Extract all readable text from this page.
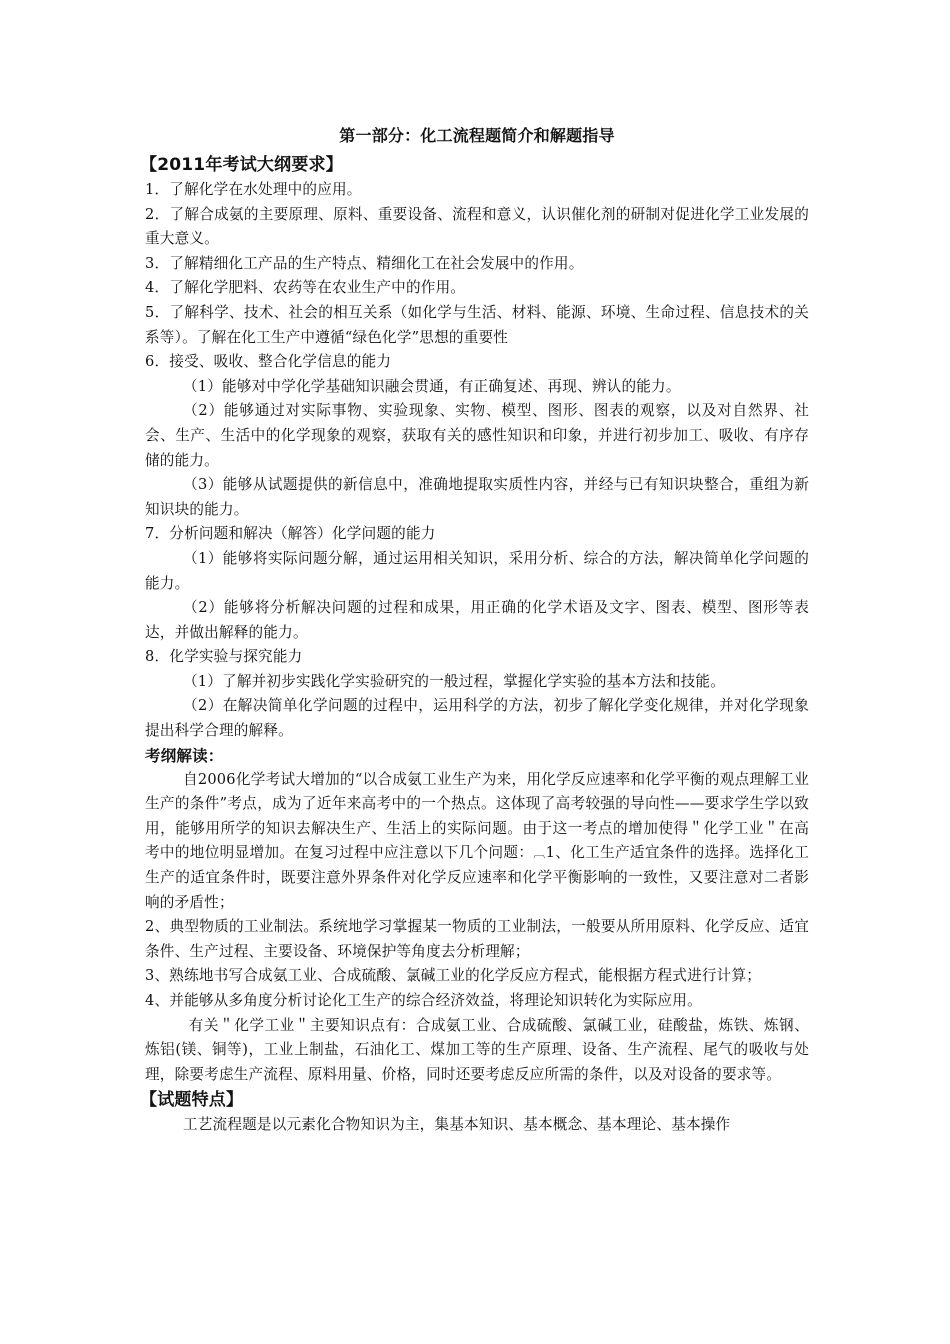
第一部分：化工流程题简介和解题指导
【2011年考试大纲要求】

1．了解化学在水处理中的应用。

2．了解合成氨的主要原理、原料、重要设备、流程和意义，认识催化剂的研制对促进化学工业发展的重大意义。

3．了解精细化工产品的生产特点、精细化工在社会发展中的作用。

4．了解化学肥料、农药等在农业生产中的作用。

5．了解科学、技术、社会的相互关系（如化学与生活、材料、能源、环境、生命过程、信息技术的关系等）。了解在化工生产中遵循“绿色化学”思想的重要性

6．接受、吸收、整合化学信息的能力

（1）能够对中学化学基础知识融会贯通，有正确复述、再现、辨认的能力。

（2）能够通过对实际事物、实验现象、实物、模型、图形、图表的观察，以及对自然界、社会、生产、生活中的化学现象的观察，获取有关的感性知识和印象，并进行初步加工、吸收、有序存储的能力。

（3）能够从试题提供的新信息中，准确地提取实质性内容，并经与已有知识块整合，重组为新知识块的能力。

7．分析问题和解决（解答）化学问题的能力

（1）能够将实际问题分解，通过运用相关知识，采用分析、综合的方法，解决简单化学问题的能力。

（2）能够将分析解决问题的过程和成果，用正确的化学术语及文字、图表、模型、图形等表达，并做出解释的能力。

8．化学实验与探究能力

（1）了解并初步实践化学实验研究的一般过程，掌握化学实验的基本方法和技能。

（2）在解决简单化学问题的过程中，运用科学的方法，初步了解化学变化规律，并对化学现象提出科学合理的解释。

考纲解读：

自2006化学考试大增加的“以合成氨工业生产为来，用化学反应速率和化学平衡的观点理解工业生产的条件”考点，成为了近年来高考中的一个热点。这体现了高考较强的导向性——要求学生学以致用，能够用所学的知识去解决生产、生活上的实际问题。由于这一考点的增加使得＂化学工业＂在高考中的地位明显增加。在复习过程中应注意以下几个问题：︹1、化工生产适宜条件的选择。选择化工生产的适宜条件时，既要注意外界条件对化学反应速率和化学平衡影响的一致性，又要注意对二者影响的矛盾性；

2、典型物质的工业制法。系统地学习掌握某一物质的工业制法，一般要从所用原料、化学反应、适宜条件、生产过程、主要设备、环境保护等角度去分析理解；

3、熟练地书写合成氨工业、合成硫酸、氯碱工业的化学反应方程式，能根据方程式进行计算；

4、并能够从多角度分析讨论化工生产的综合经济效益，将理论知识转化为实际应用。

有关＂化学工业＂主要知识点有：合成氨工业、合成硫酸、氯碱工业，硅酸盐，炼铁、炼钢、炼铝(镁、铜等)，工业上制盐，石油化工、煤加工等的生产原理、设备、生产流程、尾气的吸收与处理，除要考虑生产流程、原料用量、价格，同时还要考虑反应所需的条件，以及对设备的要求等。

【试题特点】

工艺流程题是以元素化合物知识为主，集基本知识、基本概念、基本理论、基本操作
